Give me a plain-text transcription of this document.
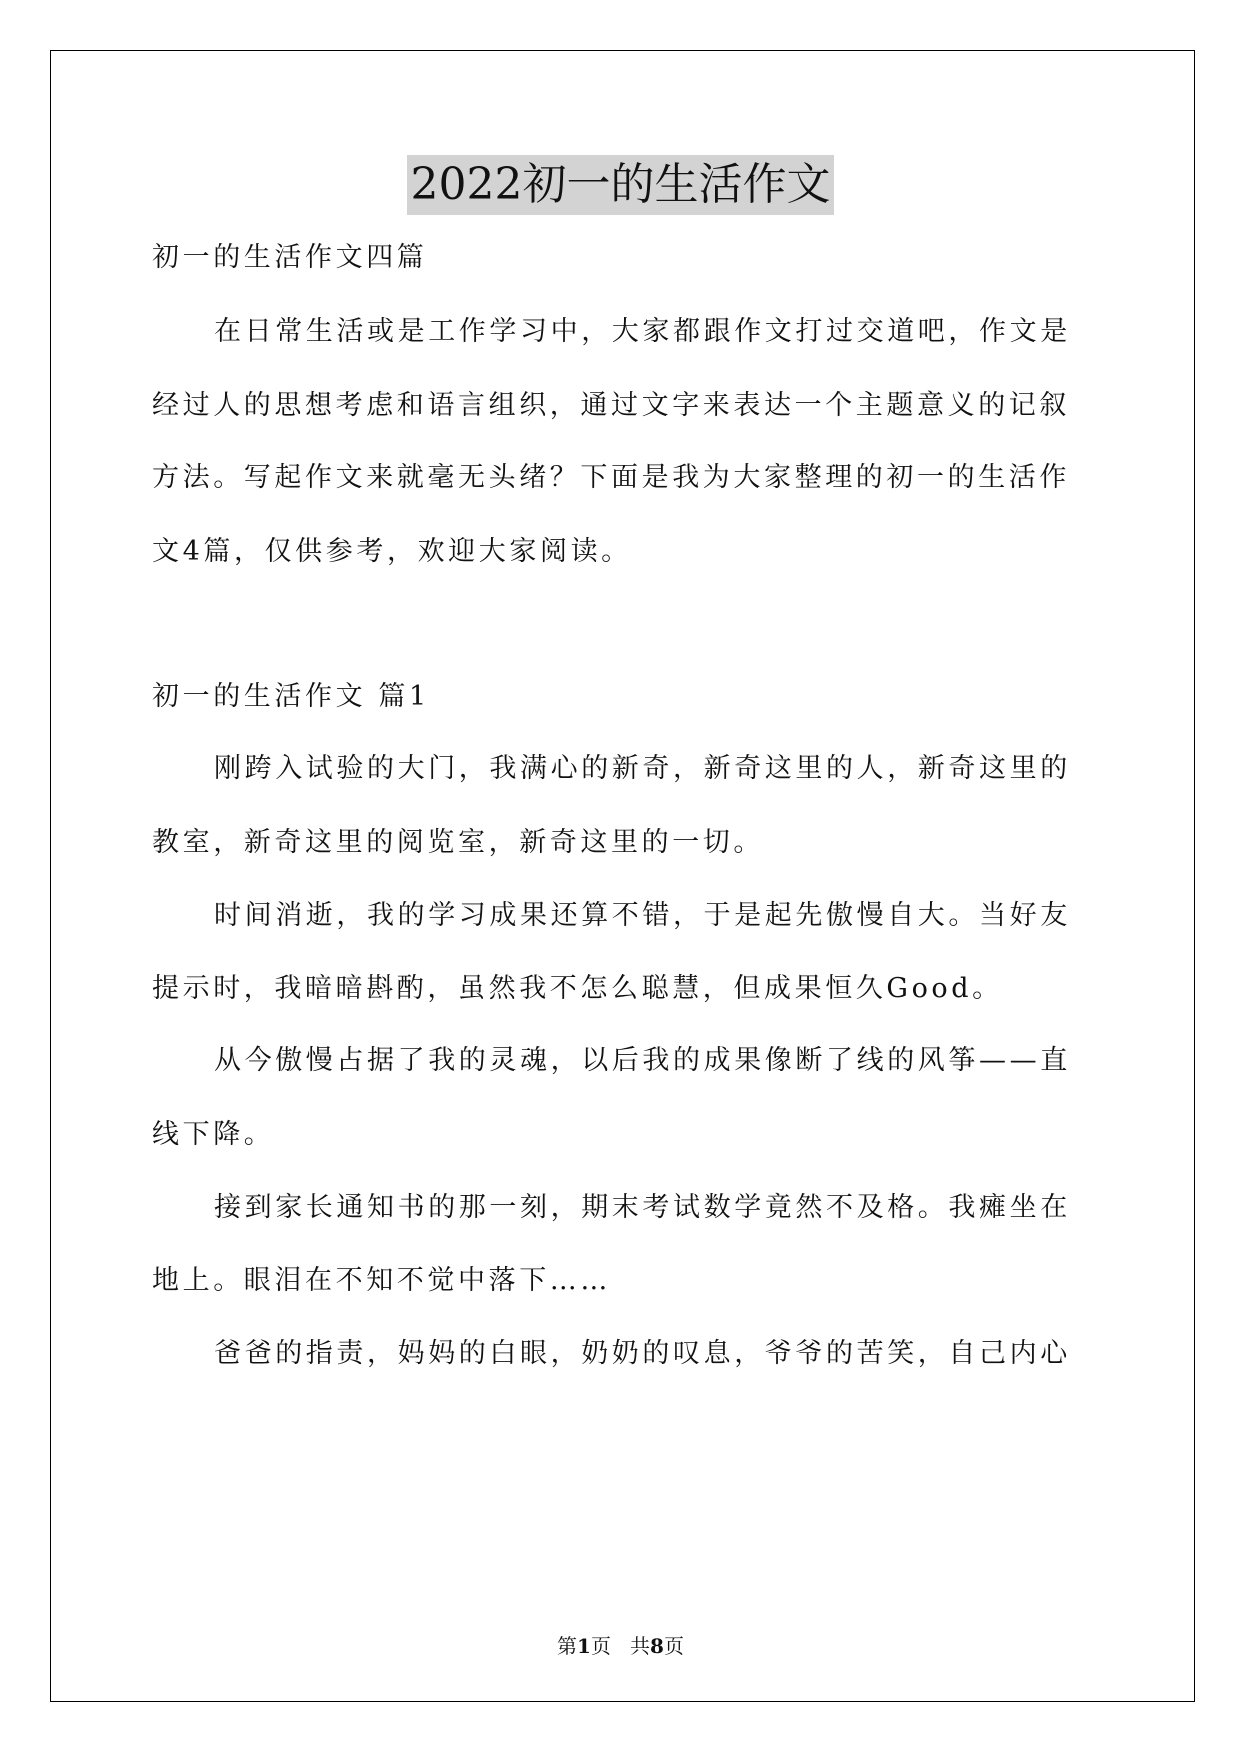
2022初一的生活作文
初一的生活作文四篇
在日常生活或是工作学习中，大家都跟作文打过交道吧，作文是
经过人的思想考虑和语言组织，通过文字来表达一个主题意义的记叙
方法。写起作文来就毫无头绪？下面是我为大家整理的初一的生活作
文4篇，仅供参考，欢迎大家阅读。
初一的生活作文 篇1
刚跨入试验的大门，我满心的新奇，新奇这里的人，新奇这里的
教室，新奇这里的阅览室，新奇这里的一切。
时间消逝，我的学习成果还算不错，于是起先傲慢自大。当好友
提示时，我暗暗斟酌，虽然我不怎么聪慧，但成果恒久Good。
从今傲慢占据了我的灵魂，以后我的成果像断了线的风筝——直
线下降。
接到家长通知书的那一刻，期末考试数学竟然不及格。我瘫坐在
地上。眼泪在不知不觉中落下……
爸爸的指责，妈妈的白眼，奶奶的叹息，爷爷的苦笑，自己内心
第1页   共8页
